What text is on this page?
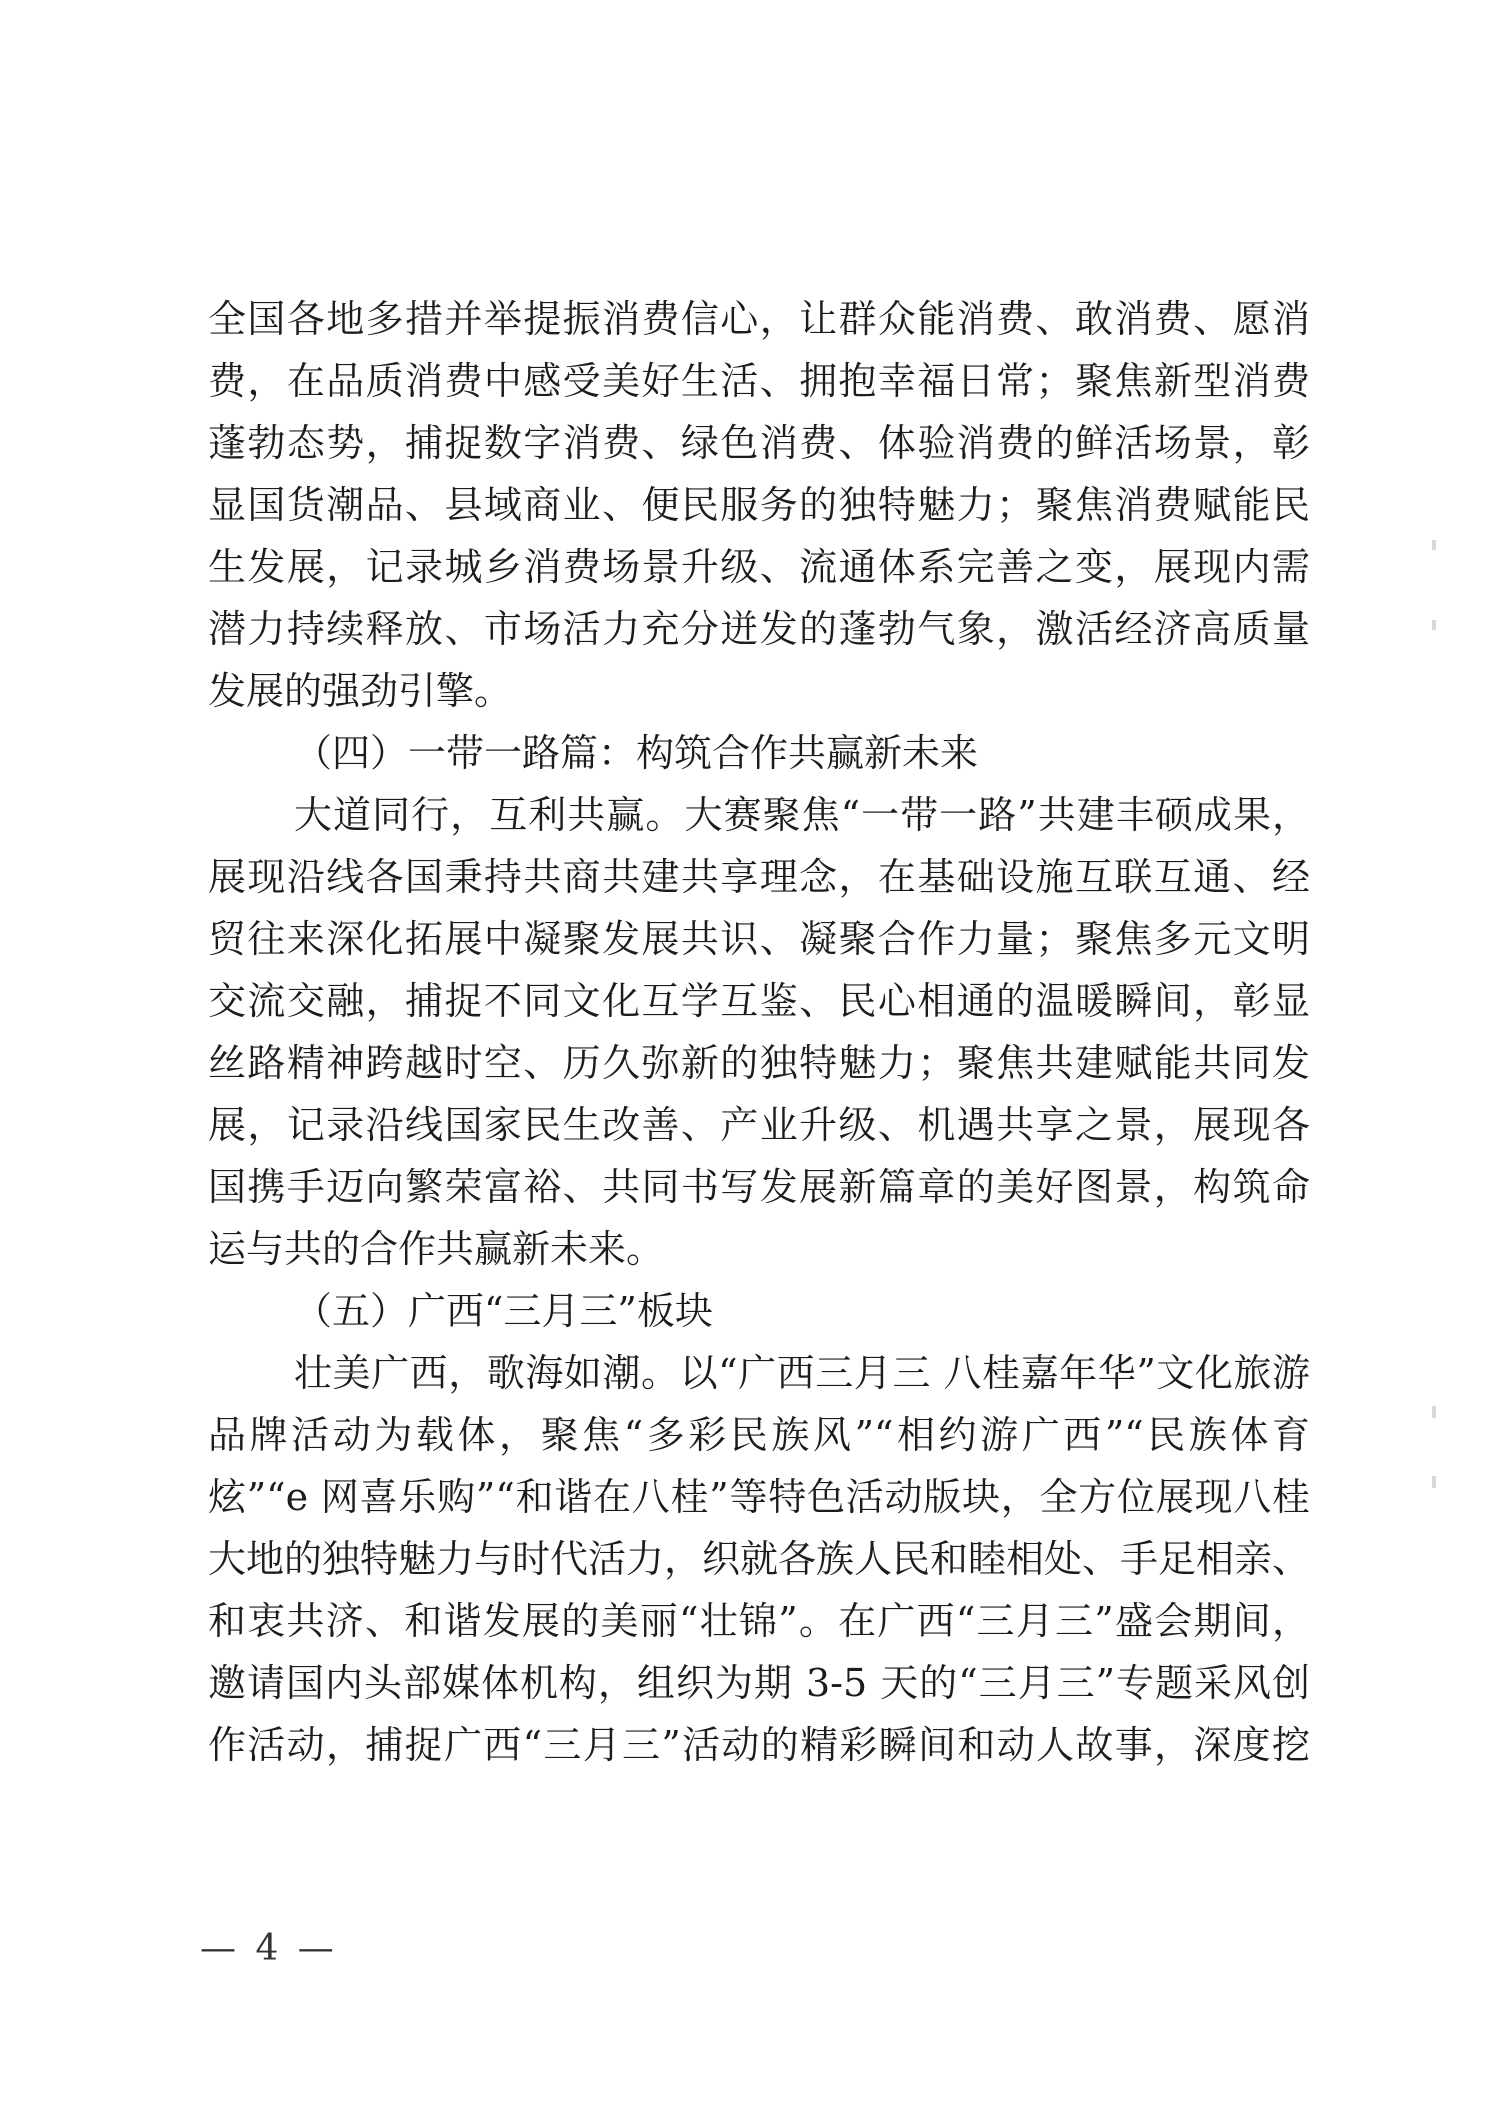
全国各地多措并举提振消费信心，让群众能消费、敢消费、愿消
费，在品质消费中感受美好生活、拥抱幸福日常；聚焦新型消费
蓬勃态势，捕捉数字消费、绿色消费、体验消费的鲜活场景，彰
显国货潮品、县域商业、便民服务的独特魅力；聚焦消费赋能民
生发展，记录城乡消费场景升级、流通体系完善之变，展现内需
潜力持续释放、市场活力充分迸发的蓬勃气象，激活经济高质量
发展的强劲引擎。
（四）一带一路篇：构筑合作共赢新未来
大道同行，互利共赢。大赛聚焦“一带一路”共建丰硕成果，
展现沿线各国秉持共商共建共享理念，在基础设施互联互通、经
贸往来深化拓展中凝聚发展共识、凝聚合作力量；聚焦多元文明
交流交融，捕捉不同文化互学互鉴、民心相通的温暖瞬间，彰显
丝路精神跨越时空、历久弥新的独特魅力；聚焦共建赋能共同发
展，记录沿线国家民生改善、产业升级、机遇共享之景，展现各
国携手迈向繁荣富裕、共同书写发展新篇章的美好图景，构筑命
运与共的合作共赢新未来。
（五）广西“三月三”板块
壮美广西，歌海如潮。以“广西三月三 八桂嘉年华”文化旅游
品牌活动为载体，聚焦“多彩民族风”“相约游广西”“民族体育
炫”“e 网喜乐购”“和谐在八桂”等特色活动版块，全方位展现八桂
大地的独特魅力与时代活力，织就各族人民和睦相处、手足相亲、
和衷共济、和谐发展的美丽“壮锦”。在广西“三月三”盛会期间，
邀请国内头部媒体机构，组织为期 3-5 天的“三月三”专题采风创
作活动，捕捉广西“三月三”活动的精彩瞬间和动人故事，深度挖
— 4 —
